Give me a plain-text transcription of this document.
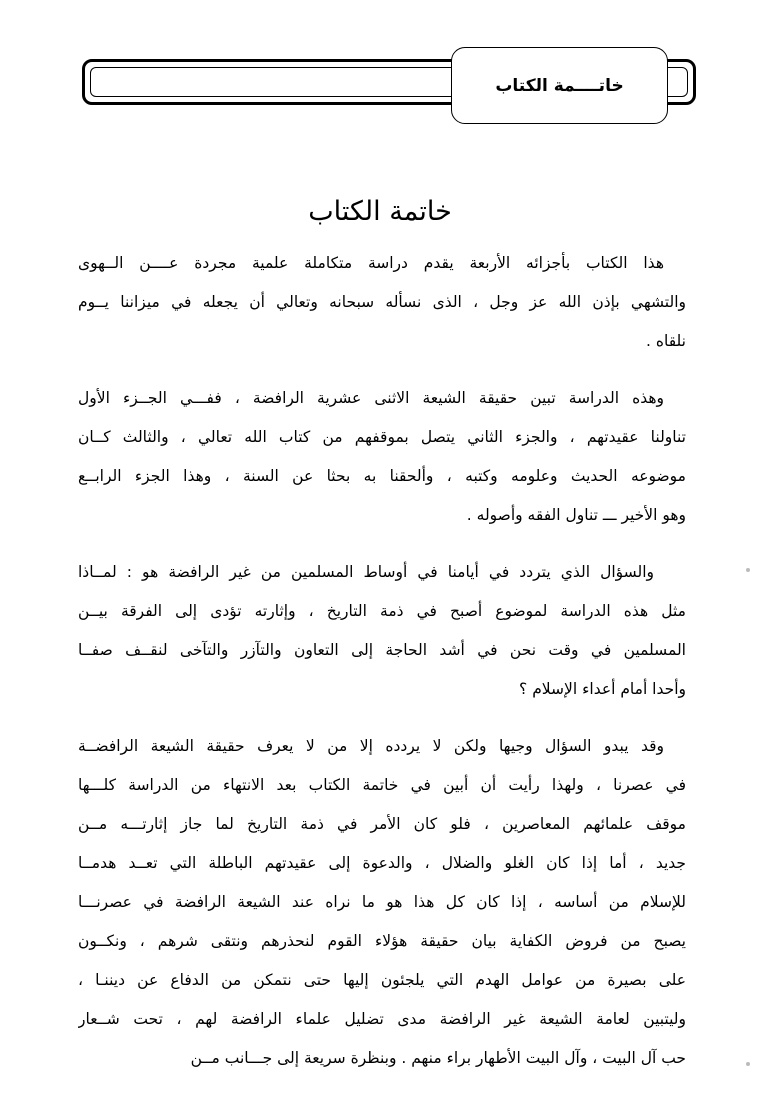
خاتــــمة الكتاب
خاتمة الكتاب
هذا الكتاب بأجزائه الأربعة يقدم دراسة متكاملة علمية مجردة عــــن الــهوى
والتشهي بإذن الله عز وجل ، الذى نسأله سبحانه وتعالي أن يجعله في ميزاننا يــوم
نلقاه .
وهذه الدراسة تبين حقيقة الشيعة الاثنى عشرية الرافضة ، ففـــي الجــزء الأول
تناولنا عقيدتهم ، والجزء الثاني يتصل بموقفهم من كتاب الله تعالي ، والثالث كــان
موضوعه الحديث وعلومه وكتبه ، وألحقنا به بحثا عن السنة ، وهذا الجزء الرابــع
وهو الأخير ـــ تناول الفقه وأصوله .
والسؤال الذي يتردد في أيامنا في أوساط المسلمين من غير الرافضة هو : لمــاذا
مثل هذه الدراسة لموضوع أصبح في ذمة التاريخ ، وإثارته تؤدى إلى الفرقة بيــن
المسلمين في وقت نحن في أشد الحاجة إلى التعاون والتآزر والتآخى لنقــف صفــا
وأحدا أمام أعداء الإسلام ؟
وقد يبدو السؤال وجيها ولكن لا يردده إلا من لا يعرف حقيقة الشيعة الرافضــة
في عصرنا ، ولهذا رأيت أن أبين في خاتمة الكتاب بعد الانتهاء من الدراسة كلـــها
موقف علمائهم المعاصرين ، فلو كان الأمر في ذمة التاريخ لما جاز إثارتـــه مــن
جديد ، أما إذا كان الغلو والضلال ، والدعوة إلى عقيدتهم الباطلة التي تعــد هدمــا
للإسلام من أساسه ، إذا كان كل هذا هو ما نراه عند الشيعة الرافضة في عصرنـــا
يصبح من فروض الكفاية بيان حقيقة هؤلاء القوم لنحذرهم ونتقى شرهم ، ونكــون
على بصيرة من عوامل الهدم التي يلجئون إليها حتى نتمكن من الدفاع عن ديننـا ،
وليتبين لعامة الشيعة غير الرافضة مدى تضليل علماء الرافضة لهم ، تحت شــعار
حب آل البيت ، وآل البيت الأطهار براء منهم . وبنظرة سريعة إلى جـــانب مــن
